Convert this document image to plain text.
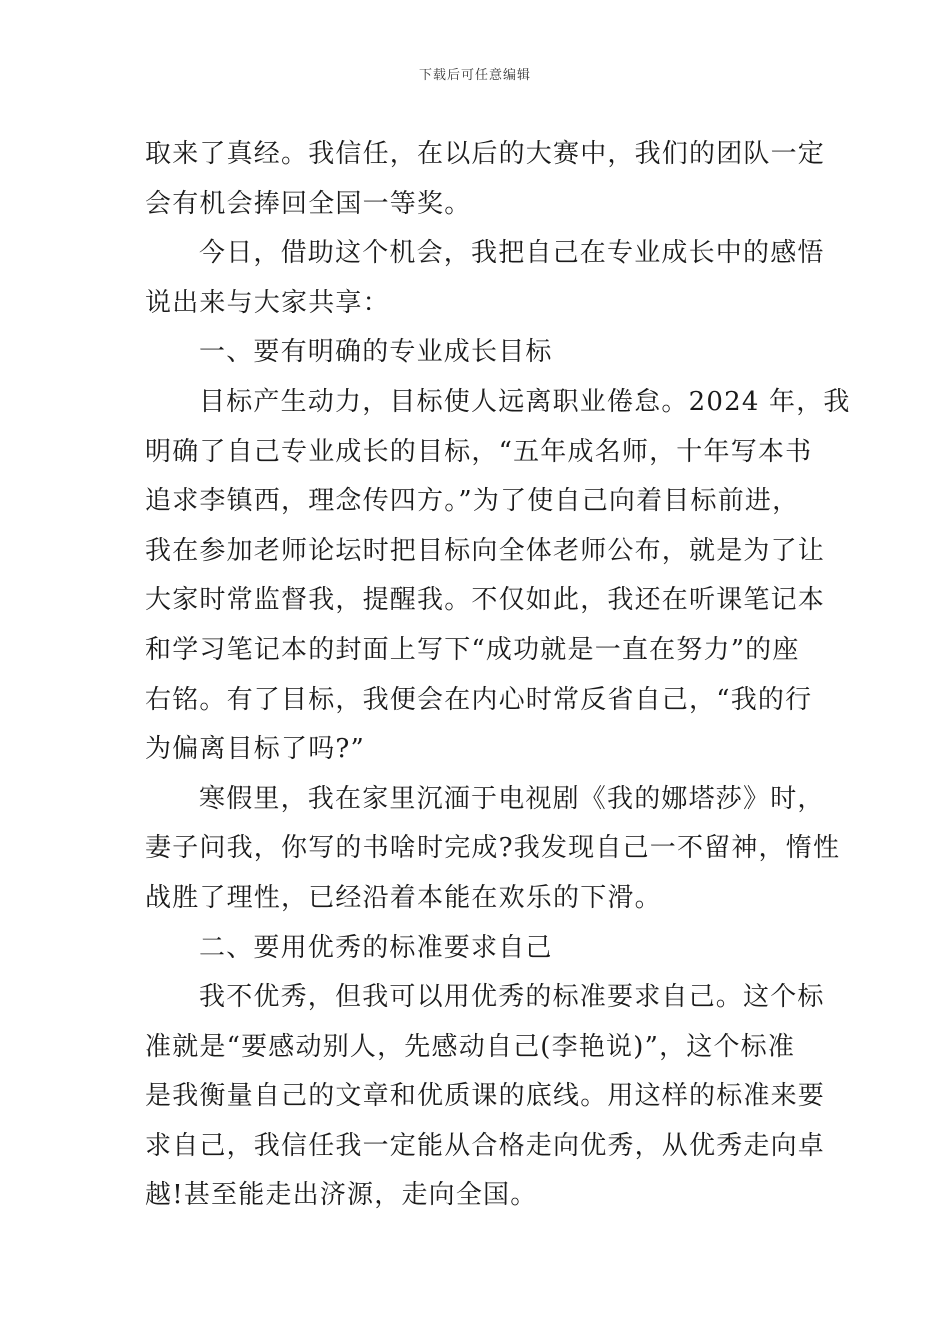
下载后可任意编辑
取来了真经。我信任，在以后的大赛中，我们的团队一定
会有机会捧回全国一等奖。
今日，借助这个机会，我把自己在专业成长中的感悟
说出来与大家共享：
一、要有明确的专业成长目标
目标产生动力，目标使人远离职业倦怠。2024 年，我
明确了自己专业成长的目标，“五年成名师，十年写本书
追求李镇西，理念传四方。”为了使自己向着目标前进，
我在参加老师论坛时把目标向全体老师公布，就是为了让
大家时常监督我，提醒我。不仅如此，我还在听课笔记本
和学习笔记本的封面上写下“成功就是一直在努力”的座
右铭。有了目标，我便会在内心时常反省自己，“我的行
为偏离目标了吗?”
寒假里，我在家里沉湎于电视剧《我的娜塔莎》时，
妻子问我，你写的书啥时完成?我发现自己一不留神，惰性
战胜了理性，已经沿着本能在欢乐的下滑。
二、要用优秀的标准要求自己
我不优秀，但我可以用优秀的标准要求自己。这个标
准就是“要感动别人，先感动自己(李艳说)”，这个标准
是我衡量自己的文章和优质课的底线。用这样的标准来要
求自己，我信任我一定能从合格走向优秀，从优秀走向卓
越!甚至能走出济源，走向全国。
